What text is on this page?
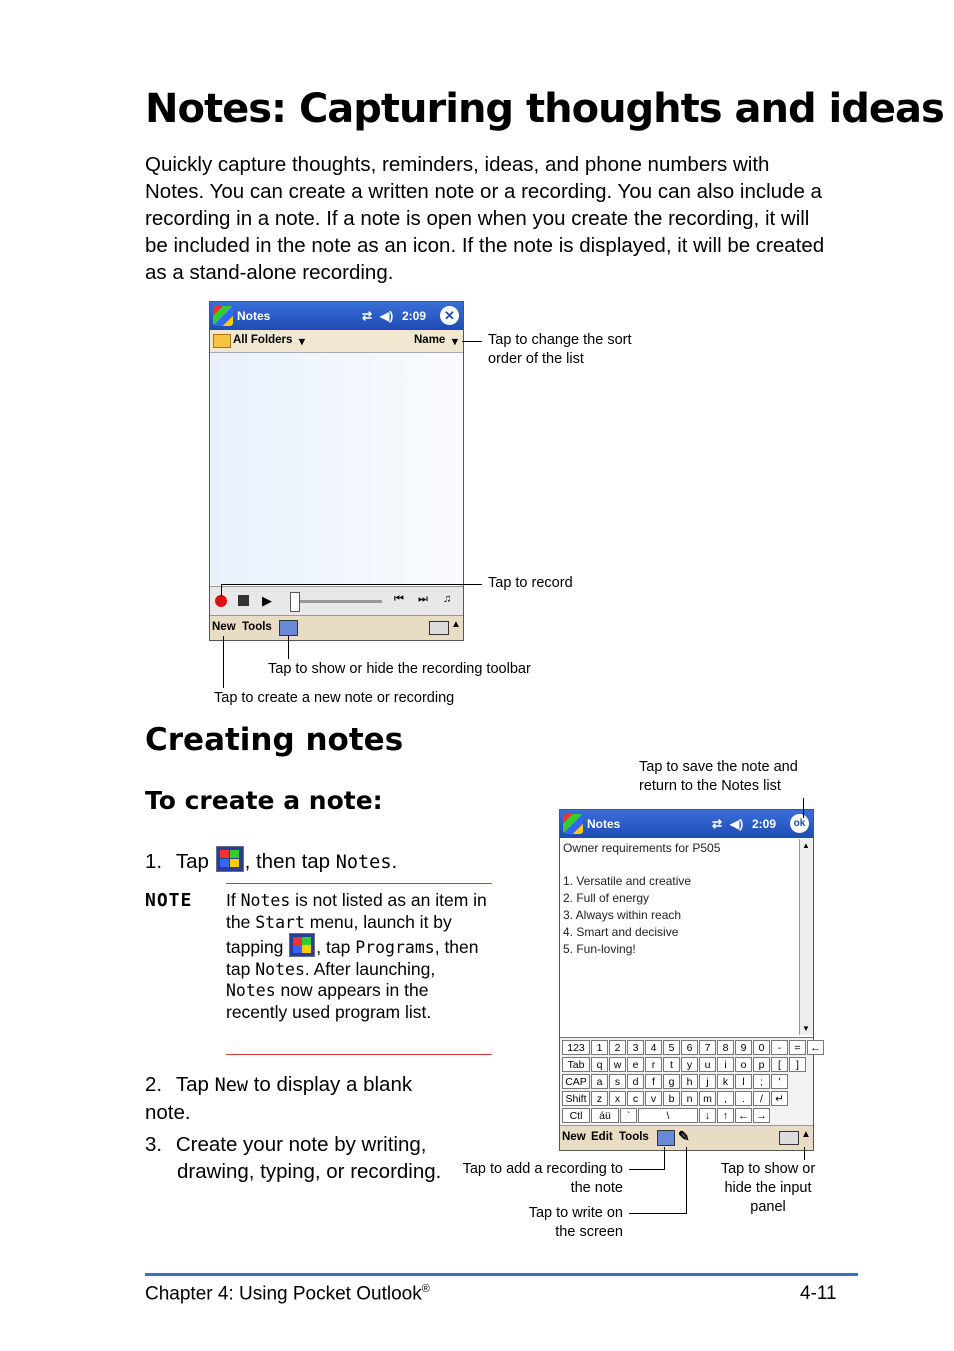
Notes: Capturing thoughts and ideas
Quickly capture thoughts, reminders, ideas, and phone numbers with Notes. You can create a written note or a recording. You can also include a recording in a note. If a note is open when you create the recording, it will be included in the note as an icon. If the note is displayed, it will be created as a stand-alone recording.
Notes	⇄ ◀) 2:09	✕
All Folders ▾	Name ▾
▶	⏮ ⏭ ♫
New Tools	▲
Tap to change the sort order of the list
Tap to record
Tap to show or hide the recording toolbar
Tap to create a new note or recording
Creating notes
To create a note:
1. Tap , then tap Notes.
NOTE If Notes is not listed as an item in the Start menu, launch it by tapping , tap Programs, then tap Notes. After launching, Notes now appears in the recently used program list.
2. Tap New to display a blank note.
3. Create your note by writing, drawing, typing, or recording.
Notes	⇄ ◀) 2:09	ok
Owner requirements for P505
1. Versatile and creative
2. Full of energy
3. Always within reach
4. Smart and decisive
5. Fun-loving!
▲
▼
123	1	2	3	4	5	6	7	8	9	0	-	= ←
Tab	q	w	e	r	t	y	u	i	o	p	[	]
CAP a	s	d	f	g	h	j	k	l	;	'
Shift z	x	c	v	b	n	m	,	.	/	↵
Ctl	áü	`	\	↓	↑ ← →
New Edit Tools ✎	▲
Tap to save the note and return to the Notes list
Tap to add a recording to the note
Tap to write on the screen
Tap to show or hide the input panel
Chapter 4: Using Pocket Outlook®	4-11
